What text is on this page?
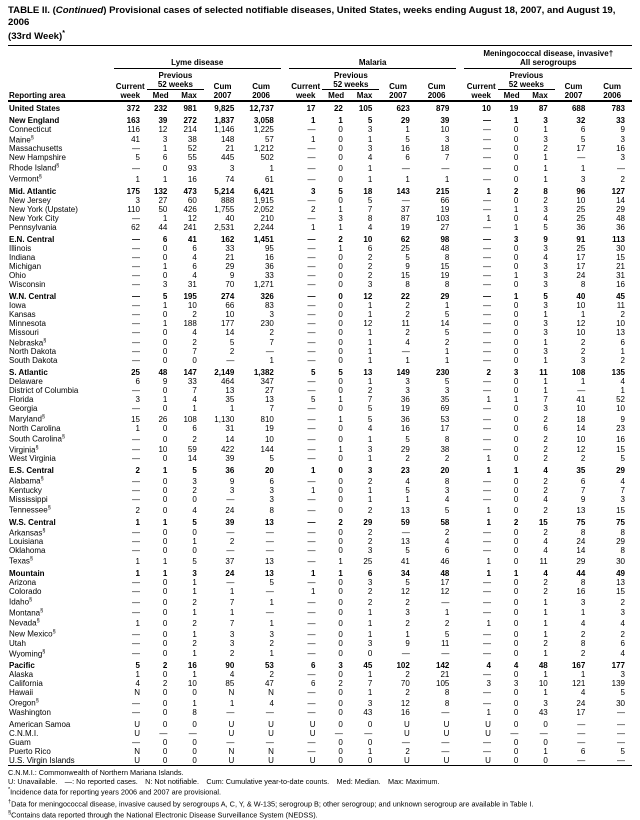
TABLE II. (Continued) Provisional cases of selected notifiable diseases, United States, weeks ending August 18, 2007, and August 19, 2006
(33rd Week)*
Reporting area	Lyme disease						Malaria						Meningococcal disease, invasive†
All serogroups				

Current
week

Previous
52 weeks	Cum
2007

Cum
2006

Current
week

Previous
52 weeks	Cum
2007

Cum
2006

Current
week

Previous
52 weeks	Cum
2007

Cum
2006

		Med	Max					Med	Max					Med	Max		
United States	372	232	981	9,825	12,737		17	22	105	623	879		10	19	87	688	783
New England	163	39	272	1,837	3,058		1	1	5	29	39		—	1	3	32	33
Connecticut	116	12	214	1,146	1,225		—	0	3	1	10		—	0	1	6	9
Maine§	41	3	38	148	57		1	0	1	5	3		—	0	3	5	3
Massachusetts	—	1	52	21	1,212		—	0	3	16	18		—	0	2	17	16
New Hampshire	5	6	55	445	502		—	0	4	6	7		—	0	1	—	3
Rhode Island§	—	0	93	3	1		—	0	1	—	—		—	0	1	1	—
Vermont§	1	1	16	74	61		—	0	1	1	1		—	0	1	3	2
Mid. Atlantic	175	132	473	5,214	6,421		3	5	18	143	215		1	2	8	96	127
New Jersey	3	27	60	888	1,915		—	0	5	—	66		—	0	2	10	14
New York (Upstate)	110	50	426	1,755	2,052		2	1	7	37	19		—	1	3	25	29
New York City	—	1	12	40	210		—	3	8	87	103		1	0	4	25	48
Pennsylvania	62	44	241	2,531	2,244		1	1	4	19	27		—	1	5	36	36
E.N. Central	—	6	41	162	1,451		—	2	10	62	98		—	3	9	91	113
Illinois	—	0	6	33	95		—	1	6	25	48		—	0	3	25	30
Indiana	—	0	4	21	16		—	0	2	5	8		—	0	4	17	15
Michigan	—	1	6	29	36		—	0	2	9	15		—	0	3	17	21
Ohio	—	0	4	9	33		—	0	2	15	19		—	1	3	24	31
Wisconsin	—	3	31	70	1,271		—	0	3	8	8		—	0	3	8	16
W.N. Central	—	5	195	274	326		—	0	12	22	29		—	1	5	40	45
Iowa	—	1	10	66	83		—	0	1	2	1		—	0	3	10	11
Kansas	—	0	2	10	3		—	0	1	2	5		—	0	1	1	2
Minnesota	—	1	188	177	230		—	0	12	11	14		—	0	3	12	10
Missouri	—	0	4	14	2		—	0	1	2	5		—	0	3	10	13
Nebraska§	—	0	2	5	7		—	0	1	4	2		—	0	1	2	6
North Dakota	—	0	7	2	—		—	0	1	—	1		—	0	3	2	1
South Dakota	—	0	0	—	1		—	0	1	1	1		—	0	1	3	2
S. Atlantic	25	48	147	2,149	1,382		5	5	13	149	230		2	3	11	108	135
Delaware	6	9	33	464	347		—	0	1	3	5		—	0	1	1	4
District of Columbia	—	0	7	13	27		—	0	2	3	3		—	0	1	—	1
Florida	3	1	4	35	13		5	1	7	36	35		1	1	7	41	52
Georgia	—	0	1	1	7		—	0	5	19	69		—	0	3	10	10
Maryland§	15	26	108	1,130	810		—	1	5	36	53		—	0	2	18	9
North Carolina	1	0	6	31	19		—	0	4	16	17		—	0	6	14	23
South Carolina§	—	0	2	14	10		—	0	1	5	8		—	0	2	10	16
Virginia§	—	10	59	422	144		—	1	3	29	38		—	0	2	12	15
West Virginia	—	0	14	39	5		—	0	1	2	2		1	0	2	2	5
E.S. Central	2	1	5	36	20		1	0	3	23	20		1	1	4	35	29
Alabama§	—	0	3	9	6		—	0	2	4	8		—	0	2	6	4
Kentucky	—	0	2	3	3		1	0	1	5	3		—	0	2	7	7
Mississippi	—	0	0	—	3		—	0	1	1	4		—	0	4	9	3
Tennessee§	2	0	4	24	8		—	0	2	13	5		1	0	2	13	15
W.S. Central	1	1	5	39	13		—	2	29	59	58		1	2	15	75	75
Arkansas§	—	0	0	—	—		—	0	2	—	2		—	0	2	8	8
Louisiana	—	0	1	2	—		—	0	2	13	4		—	0	4	24	29
Oklahoma	—	0	0	—	—		—	0	3	5	6		—	0	4	14	8
Texas§	1	1	5	37	13		—	1	25	41	46		1	0	11	29	30
Mountain	1	1	3	24	13		1	1	6	34	48		1	1	4	44	49
Arizona	—	0	1	—	5		—	0	3	5	17		—	0	2	8	13
Colorado	—	0	1	1	—		1	0	2	12	12		—	0	2	16	15
Idaho§	—	0	2	7	1		—	0	2	2	—		—	0	1	3	2
Montana§	—	0	1	1	—		—	0	1	3	1		—	0	1	1	3
Nevada§	1	0	2	7	1		—	0	1	2	2		1	0	1	4	4
New Mexico§	—	0	1	3	3		—	0	1	1	5		—	0	1	2	2
Utah	—	0	2	3	2		—	0	3	9	11		—	0	2	8	6
Wyoming§	—	0	1	2	1		—	0	0	—	—		—	0	1	2	4
Pacific	5	2	16	90	53		6	3	45	102	142		4	4	48	167	177
Alaska	1	0	1	4	2		—	0	1	2	21		—	0	1	1	3
California	4	2	10	85	47		6	2	7	70	105		3	3	10	121	139
Hawaii	N	0	0	N	N		—	0	1	2	8		—	0	1	4	5
Oregon§	—	0	1	1	4		—	0	3	12	8		—	0	3	24	30
Washington	—	0	8	—	—		—	0	43	16	—		1	0	43	17	—
American Samoa	U	0	0	U	U		U	0	0	U	U		U	0	0	—	—
C.N.M.I.	U	—	—	U	U		U	—	—	U	U		U	—	—	—	—
Guam	—	0	0	—	—		—	0	0	—	—		—	0	0	—	—
Puerto Rico	N	0	0	N	N		—	0	1	2	—		—	0	1	6	5
U.S. Virgin Islands	U	0	0	U	U		U	0	0	U	U		U	0	0	—	—
C.N.M.I.: Commonwealth of Northern Mariana Islands.
U: Unavailable. —: No reported cases. N: Not notifiable. Cum: Cumulative year-to-date counts. Med: Median. Max: Maximum.
*Incidence data for reporting years 2006 and 2007 are provisional.
†Data for meningococcal disease, invasive caused by serogroups A, C, Y, & W-135; serogroup B; other serogroup; and unknown serogroup are available in Table I.
§Contains data reported through the National Electronic Disease Surveillance System (NEDSS).
